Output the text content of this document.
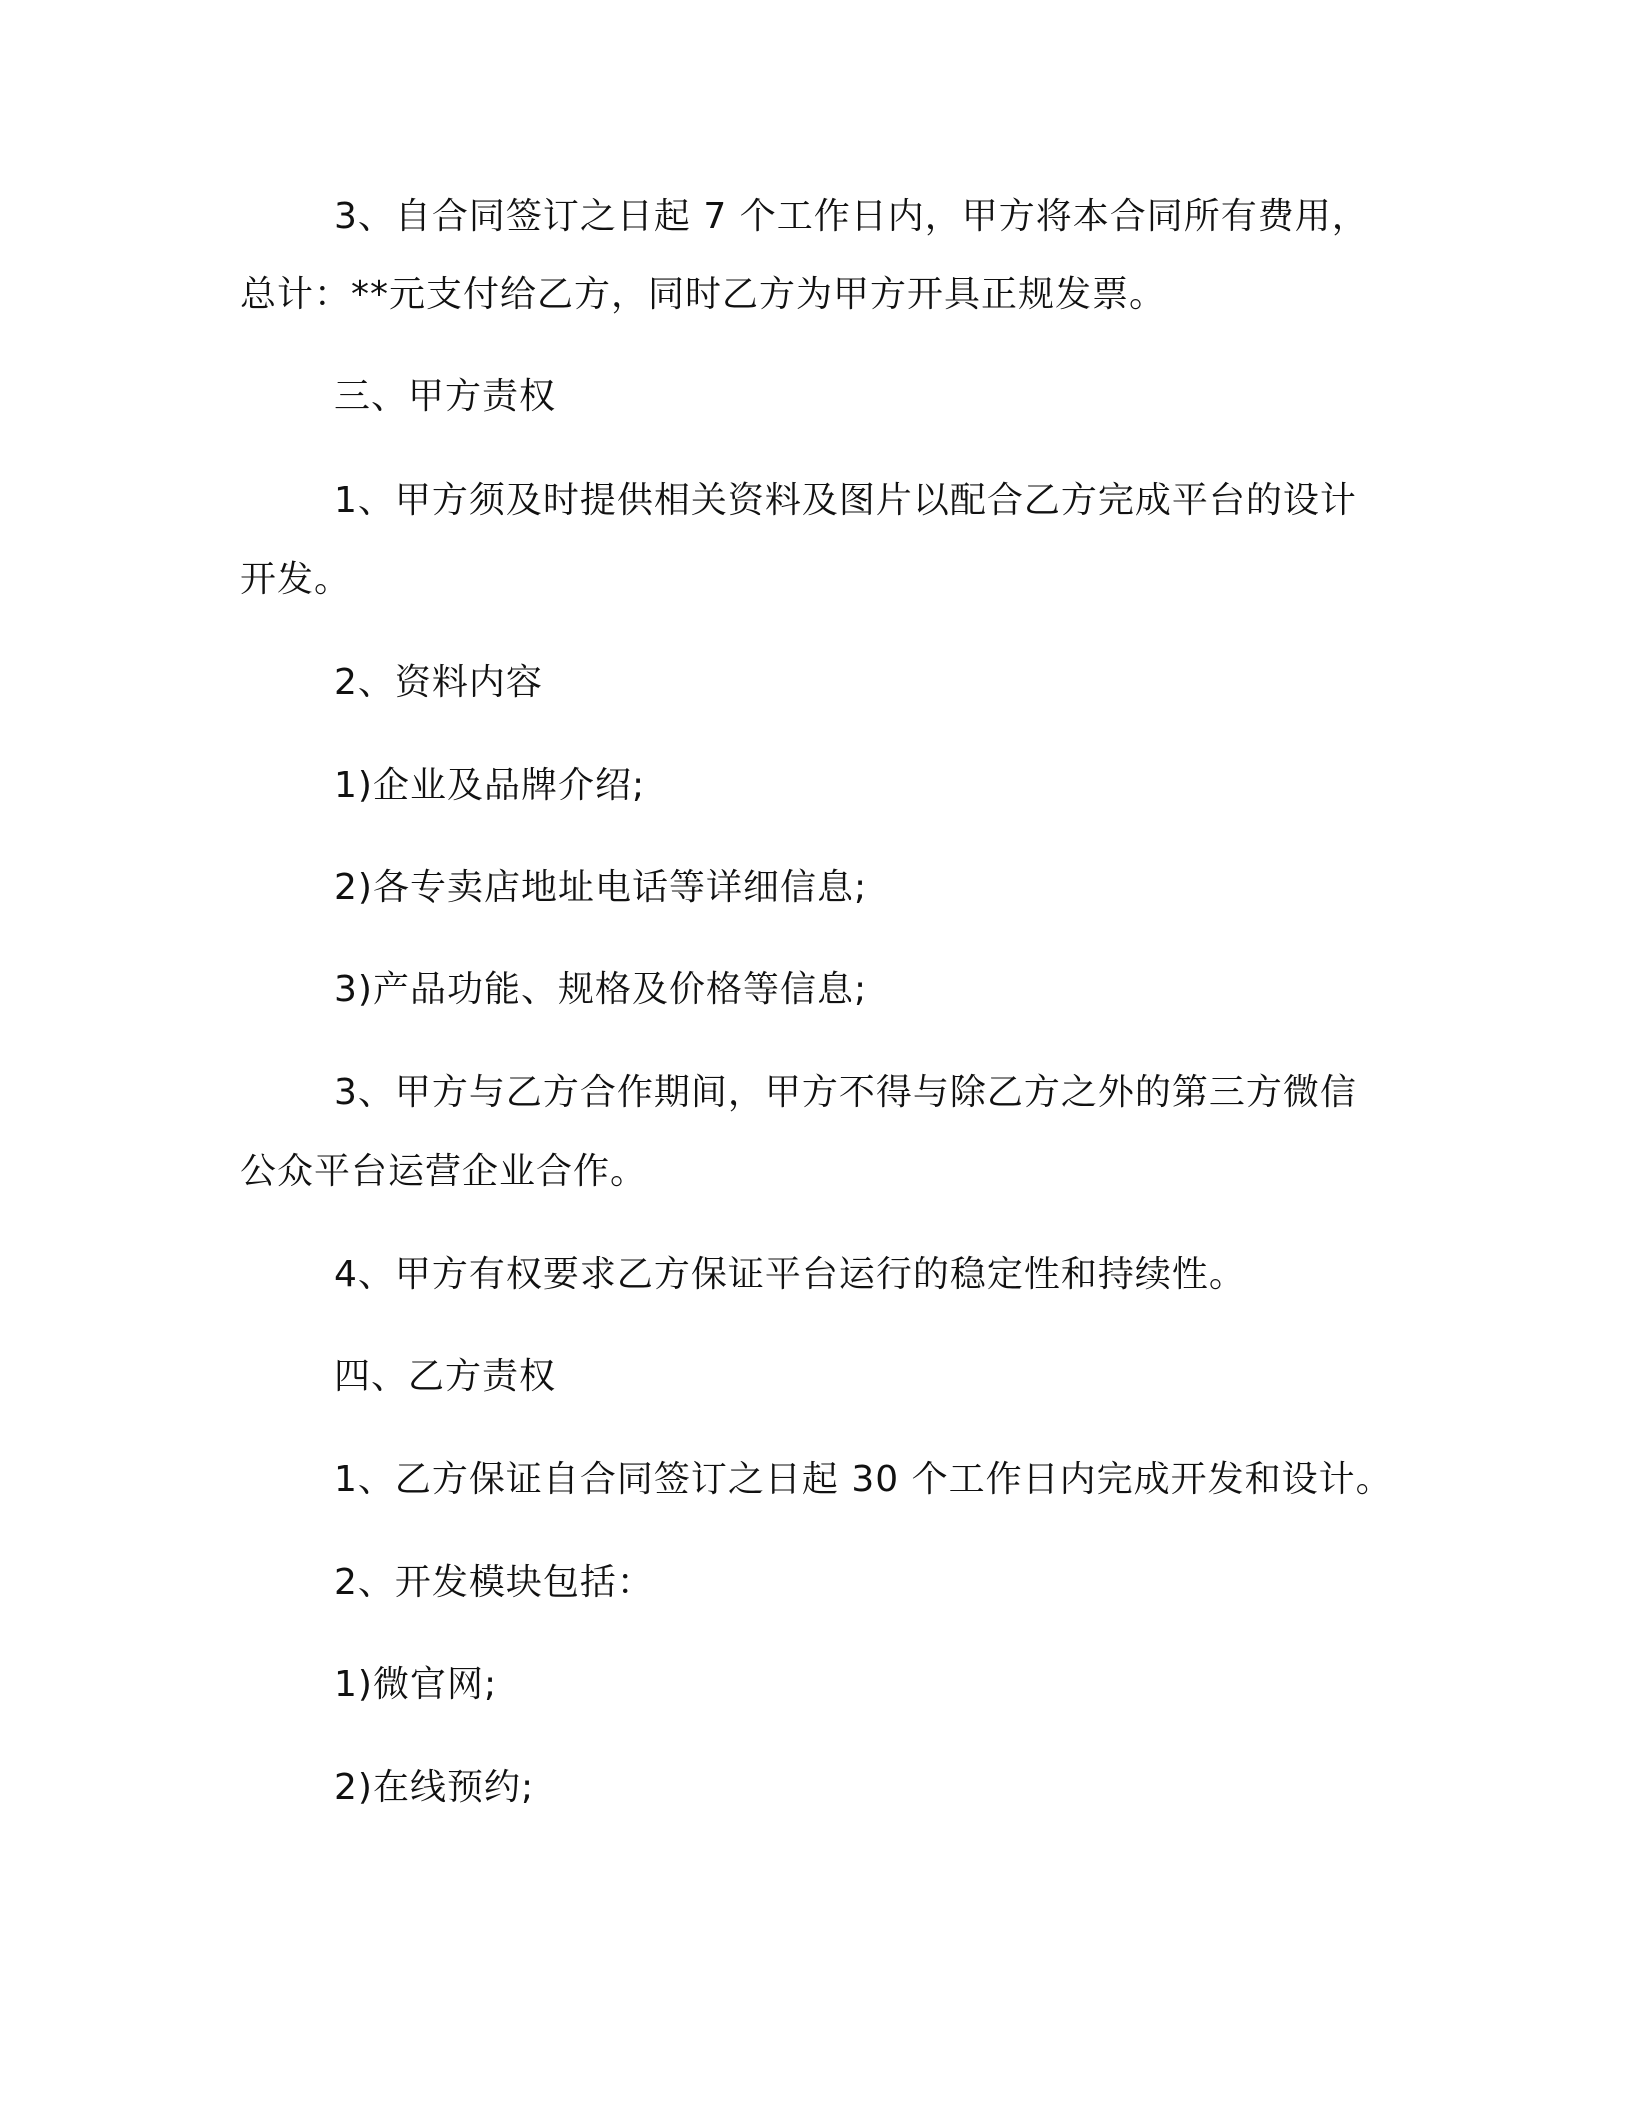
3、自合同签订之日起 7 个工作日内，甲方将本合同所有费用，
总计：**元支付给乙方，同时乙方为甲方开具正规发票。
三、甲方责权
1、甲方须及时提供相关资料及图片以配合乙方完成平台的设计
开发。
2、资料内容
1)企业及品牌介绍;
2)各专卖店地址电话等详细信息;
3)产品功能、规格及价格等信息;
3、甲方与乙方合作期间，甲方不得与除乙方之外的第三方微信
公众平台运营企业合作。
4、甲方有权要求乙方保证平台运行的稳定性和持续性。
四、乙方责权
1、乙方保证自合同签订之日起 30 个工作日内完成开发和设计。
2、开发模块包括：
1)微官网;
2)在线预约;
